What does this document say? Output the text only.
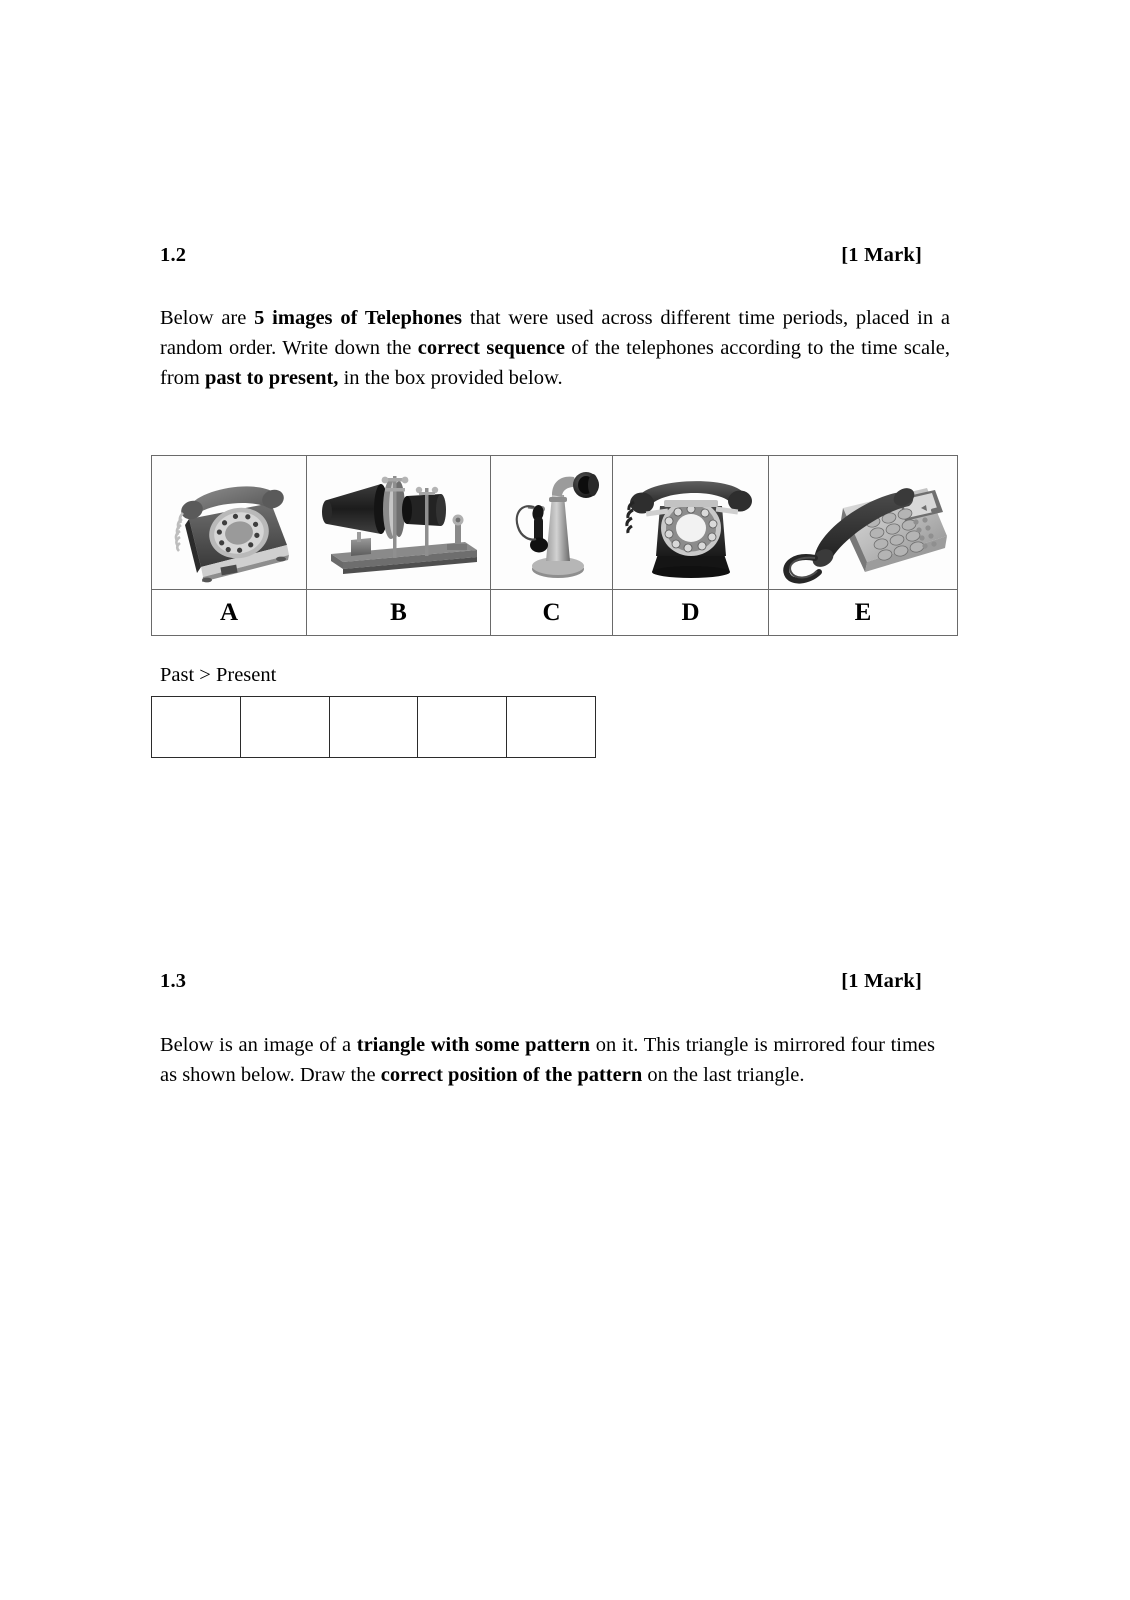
1.2	[1 Mark]
Below are 5 images of Telephones that were used across different time periods, placed in a random order. Write down the correct sequence of the telephones according to the time scale, from past to present, in the box provided below.

A	B	C	D	E
Past > Present

1.3	[1 Mark]
Below is an image of a triangle with some pattern on it. This triangle is mirrored four times as shown below. Draw the correct position of the pattern on the last triangle.
